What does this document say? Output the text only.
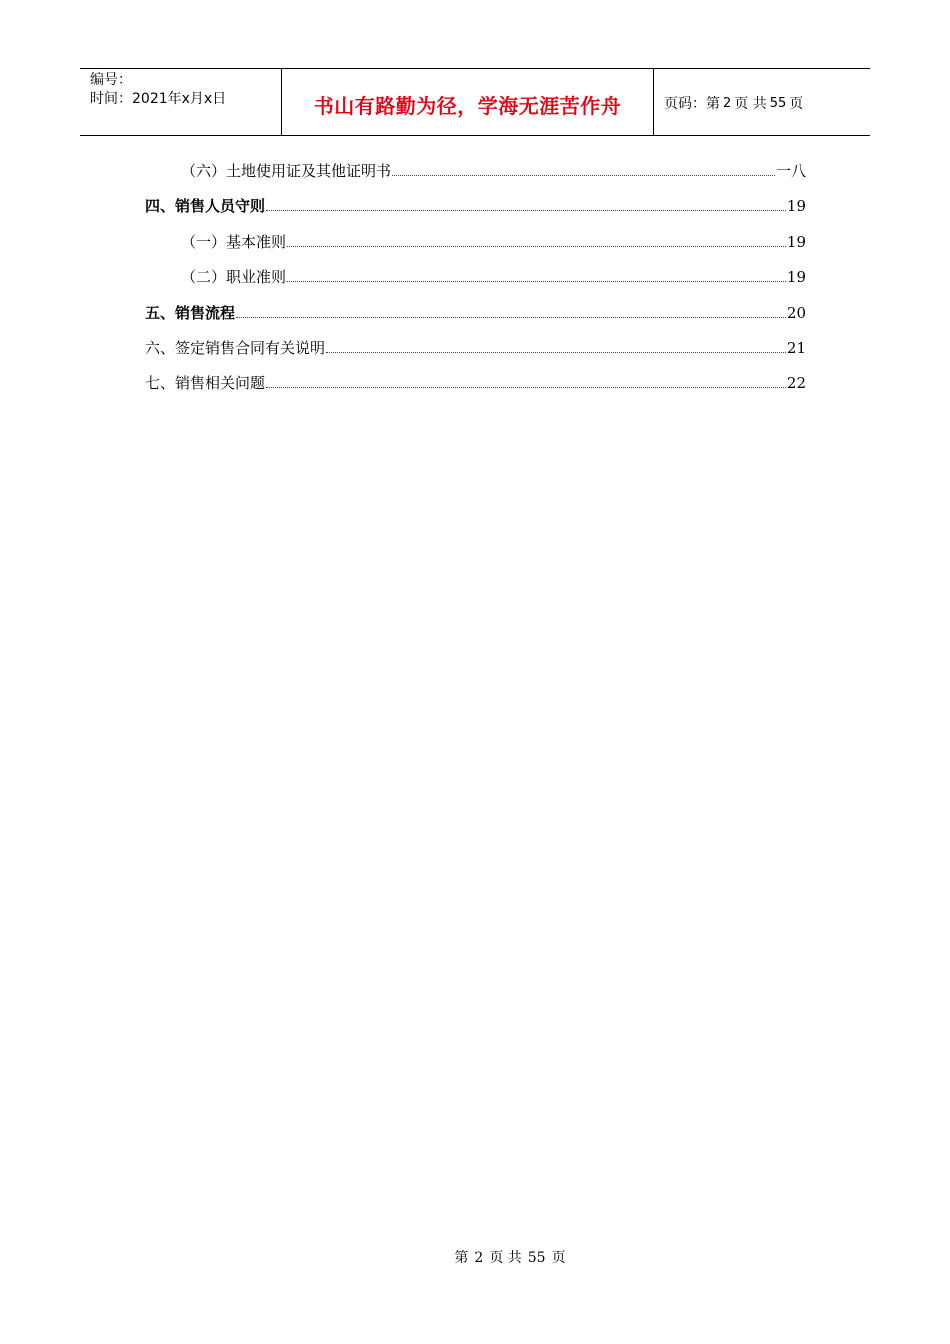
编号：
时间：2021年x月x日	书山有路勤为径，学海无涯苦作舟	页码：第 2 页 共 55 页
（六）土地使用证及其他证明书	一八
四、销售人员守则	19
（一）基本准则	19
（二）职业准则	19
五、销售流程	20
六、签定销售合同有关说明	21
七、销售相关问题	22
第 2 页 共 55 页
